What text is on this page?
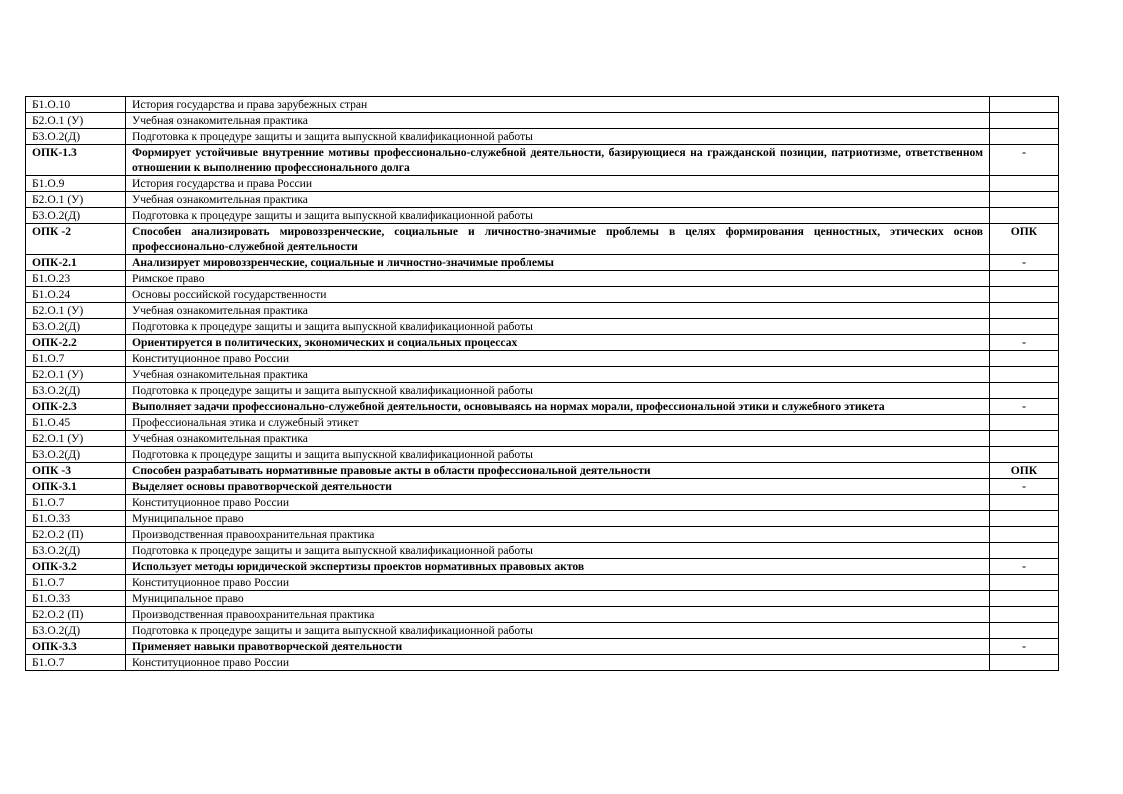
Б1.О.10	История государства и права зарубежных стран	
Б2.О.1 (У)	Учебная ознакомительная практика	
Б3.О.2(Д)	Подготовка к процедуре защиты и защита выпускной квалификационной работы	
ОПК-1.3	Формирует устойчивые внутренние мотивы профессионально-служебной деятельности, базирующиеся на гражданской позиции, патриотизме, ответственном отношении к выполнению профессионального долга	-
Б1.О.9	История государства и права России	
Б2.О.1 (У)	Учебная ознакомительная практика	
Б3.О.2(Д)	Подготовка к процедуре защиты и защита выпускной квалификационной работы	
ОПК -2	Способен анализировать мировоззренческие, социальные и личностно-значимые проблемы в целях формирования ценностных, этических основ профессионально-служебной деятельности	ОПК
ОПК-2.1	Анализирует мировоззренческие, социальные и личностно-значимые проблемы	-
Б1.О.23	Римское право	
Б1.О.24	Основы российской государственности	
Б2.О.1 (У)	Учебная ознакомительная практика	
Б3.О.2(Д)	Подготовка к процедуре защиты и защита выпускной квалификационной работы	
ОПК-2.2	Ориентируется в политических, экономических и социальных процессах	-
Б1.О.7	Конституционное право России	
Б2.О.1 (У)	Учебная ознакомительная практика	
Б3.О.2(Д)	Подготовка к процедуре защиты и защита выпускной квалификационной работы	
ОПК-2.3	Выполняет задачи профессионально-служебной деятельности, основываясь на нормах морали, профессиональной этики и служебного этикета	-
Б1.О.45	Профессиональная этика и служебный этикет	
Б2.О.1 (У)	Учебная ознакомительная практика	
Б3.О.2(Д)	Подготовка к процедуре защиты и защита выпускной квалификационной работы	
ОПК -3	Способен разрабатывать нормативные правовые акты в области профессиональной деятельности	ОПК
ОПК-3.1	Выделяет основы правотворческой деятельности	-
Б1.О.7	Конституционное право России	
Б1.О.33	Муниципальное право	
Б2.О.2 (П)	Производственная правоохранительная практика	
Б3.О.2(Д)	Подготовка к процедуре защиты и защита выпускной квалификационной работы	
ОПК-3.2	Использует методы юридической экспертизы проектов нормативных правовых актов	-
Б1.О.7	Конституционное право России	
Б1.О.33	Муниципальное право	
Б2.О.2 (П)	Производственная правоохранительная практика	
Б3.О.2(Д)	Подготовка к процедуре защиты и защита выпускной квалификационной работы	
ОПК-3.3	Применяет навыки правотворческой деятельности	-
Б1.О.7	Конституционное право России	
